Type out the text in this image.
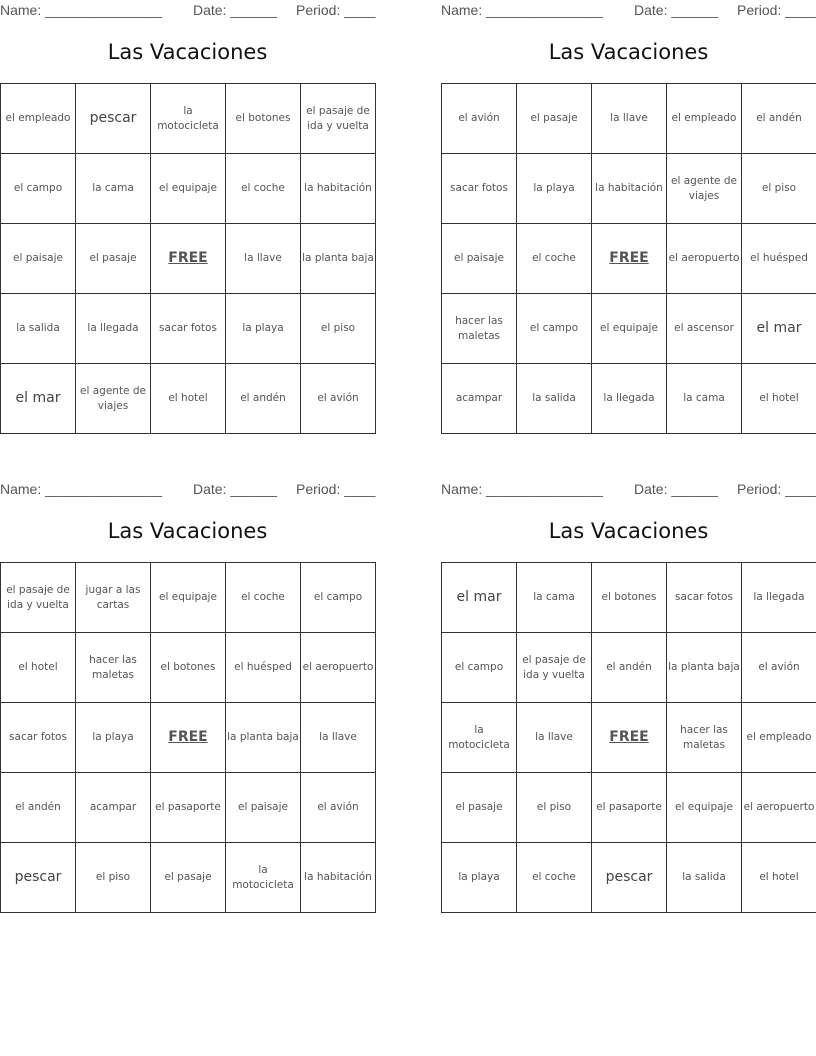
Name: _______________ Date: ______ Period: ____
Las Vacaciones
el empleado	pescar	la motocicleta	el botones	el pasaje de ida y vuelta
el campo	la cama	el equipaje	el coche	la habitación
el paisaje	el pasaje	FREE	la llave	la planta baja
la salida	la llegada	sacar fotos	la playa	el piso
el mar	el agente de viajes	el hotel	el andén	el avión
Name: _______________ Date: ______ Period: ____
Las Vacaciones
el avión	el pasaje	la llave	el empleado	el andén
sacar fotos	la playa	la habitación	el agente de viajes	el piso
el paisaje	el coche	FREE	el aeropuerto	el huésped
hacer las maletas	el campo	el equipaje	el ascensor	el mar
acampar	la salida	la llegada	la cama	el hotel
Name: _______________ Date: ______ Period: ____
Las Vacaciones
el pasaje de ida y vuelta	jugar a las cartas	el equipaje	el coche	el campo
el hotel	hacer las maletas	el botones	el huésped	el aeropuerto
sacar fotos	la playa	FREE	la planta baja	la llave
el andén	acampar	el pasaporte	el paisaje	el avión
pescar	el piso	el pasaje	la motocicleta	la habitación
Name: _______________ Date: ______ Period: ____
Las Vacaciones
el mar	la cama	el botones	sacar fotos	la llegada
el campo	el pasaje de ida y vuelta	el andén	la planta baja	el avión
la motocicleta	la llave	FREE	hacer las maletas	el empleado
el pasaje	el piso	el pasaporte	el equipaje	el aeropuerto
la playa	el coche	pescar	la salida	el hotel
